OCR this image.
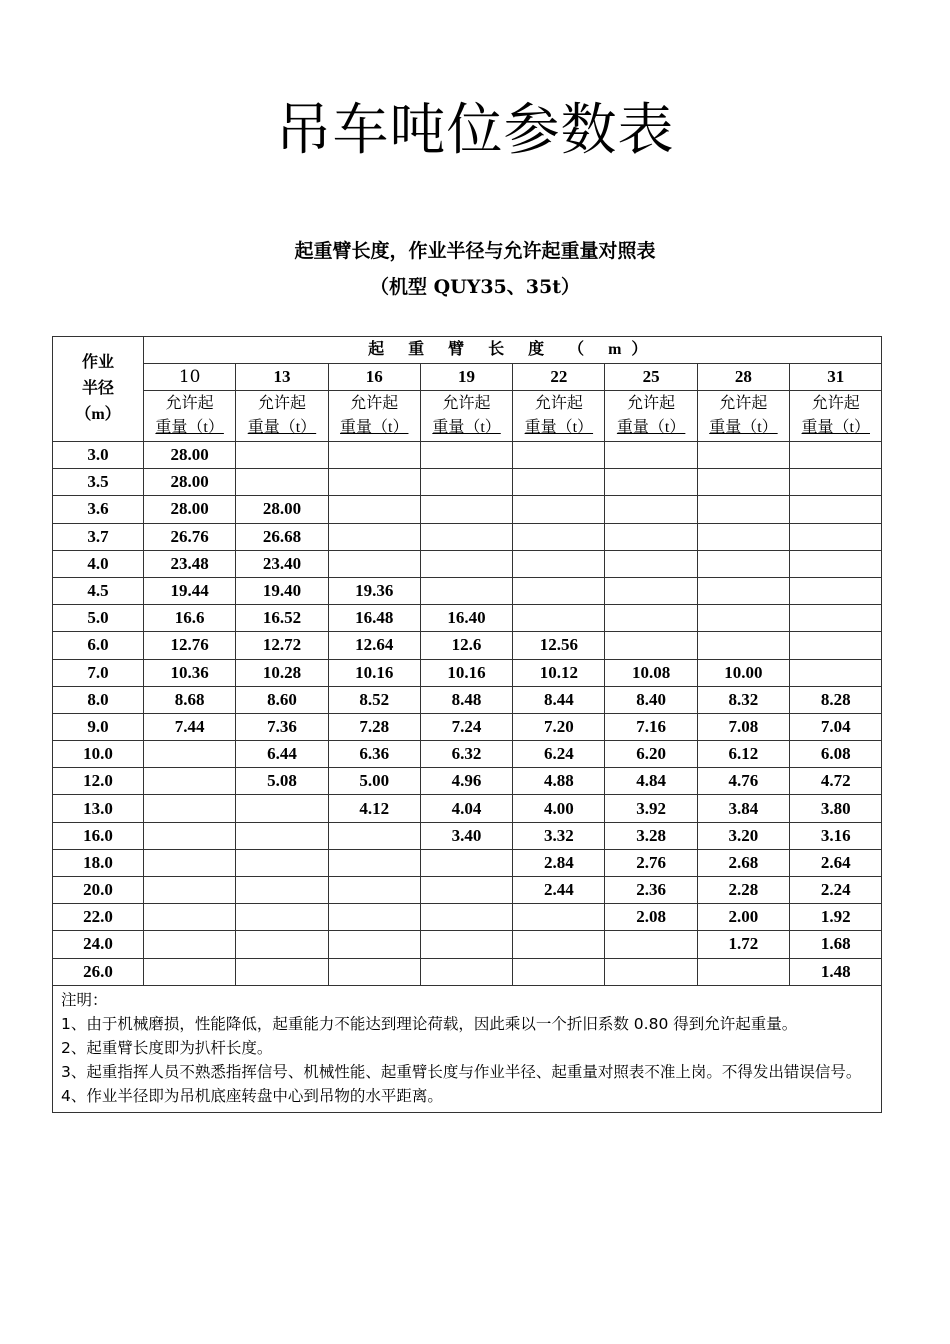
吊车吨位参数表
起重臂长度，作业半径与允许起重量对照表
（机型 QUY35、35t）
作业
半径
（m）	起 重 臂 长 度 （ m）							
	10	13	16	19	22	25	28	31

	允许起
重量（t）	允许起
重量（t）	允许起
重量（t）	允许起
重量（t）	允许起
重量（t）	允许起
重量（t）	允许起
重量（t）	允许起
重量（t）

3.0	28.00							
3.5	28.00							
3.6	28.00	28.00						
3.7	26.76	26.68						
4.0	23.48	23.40						
4.5	19.44	19.40	19.36					
5.0	16.6	16.52	16.48	16.40				
6.0	12.76	12.72	12.64	12.6	12.56			
7.0	10.36	10.28	10.16	10.16	10.12	10.08	10.00	
8.0	8.68	8.60	8.52	8.48	8.44	8.40	8.32	8.28
9.0	7.44	7.36	7.28	7.24	7.20	7.16	7.08	7.04
10.0		6.44	6.36	6.32	6.24	6.20	6.12	6.08
12.0		5.08	5.00	4.96	4.88	4.84	4.76	4.72
13.0			4.12	4.04	4.00	3.92	3.84	3.80
16.0				3.40	3.32	3.28	3.20	3.16
18.0					2.84	2.76	2.68	2.64
20.0					2.44	2.36	2.28	2.24
22.0						2.08	2.00	1.92
24.0							1.72	1.68
26.0								1.48

注明：

1、由于机械磨损，性能降低，起重能力不能达到理论荷载，因此乘以一个折旧系数 0.80 得到允许起重量。

2、起重臂长度即为扒杆长度。

3、起重指挥人员不熟悉指挥信号、机械性能、起重臂长度与作业半径、起重量对照表不准上岗。不得发出错误信号。

4、作业半径即为吊机底座转盘中心到吊物的水平距离。								
